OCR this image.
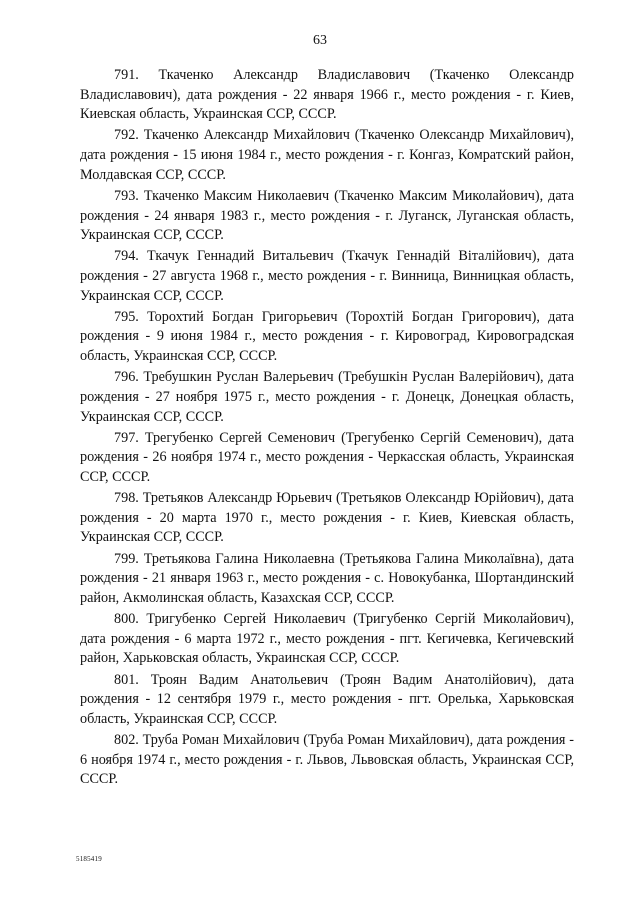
63

791. Ткаченко Александр Владиславович (Ткаченко Олександр Владиславович), дата рождения - 22 января 1966 г., место рождения - г. Киев, Киевская область, Украинская ССР, СССР.

792. Ткаченко Александр Михайлович (Ткаченко Олександр Михайлович), дата рождения - 15 июня 1984 г., место рождения - г. Конгаз, Комратский район, Молдавская ССР, СССР.

793. Ткаченко Максим Николаевич (Ткаченко Максим Миколайович), дата рождения - 24 января 1983 г., место рождения - г. Луганск, Луганская область, Украинская ССР, СССР.

794. Ткачук Геннадий Витальевич (Ткачук Геннадій Віталійович), дата рождения - 27 августа 1968 г., место рождения - г. Винница, Винницкая область, Украинская ССР, СССР.

795. Торохтий Богдан Григорьевич (Торохтій Богдан Григорович), дата рождения - 9 июня 1984 г., место рождения - г. Кировоград, Кировоградская область, Украинская ССР, СССР.

796. Требушкин Руслан Валерьевич (Требушкін Руслан Валерійович), дата рождения - 27 ноября 1975 г., место рождения - г. Донецк, Донецкая область, Украинская ССР, СССР.

797. Трегубенко Сергей Семенович (Трегубенко Сергій Семенович), дата рождения - 26 ноября 1974 г., место рождения - Черкасская область, Украинская ССР, СССР.

798. Третьяков Александр Юрьевич (Третьяков Олександр Юрійович), дата рождения - 20 марта 1970 г., место рождения - г. Киев, Киевская область, Украинская ССР, СССР.

799. Третьякова Галина Николаевна (Третьякова Галина Миколаївна), дата рождения - 21 января 1963 г., место рождения - с. Новокубанка, Шортандинский район, Акмолинская область, Казахская ССР, СССР.

800. Тригубенко Сергей Николаевич (Тригубенко Сергій Миколайович), дата рождения - 6 марта 1972 г., место рождения - пгт. Кегичевка, Кегичевский район, Харьковская область, Украинская ССР, СССР.

801. Троян Вадим Анатольевич (Троян Вадим Анатолійович), дата рождения - 12 сентября 1979 г., место рождения - пгт. Орелька, Харьковская область, Украинская ССР, СССР.

802. Труба Роман Михайлович (Труба Роман Михайлович), дата рождения - 6 ноября 1974 г., место рождения - г. Львов, Львовская область, Украинская ССР, СССР.

5185419
